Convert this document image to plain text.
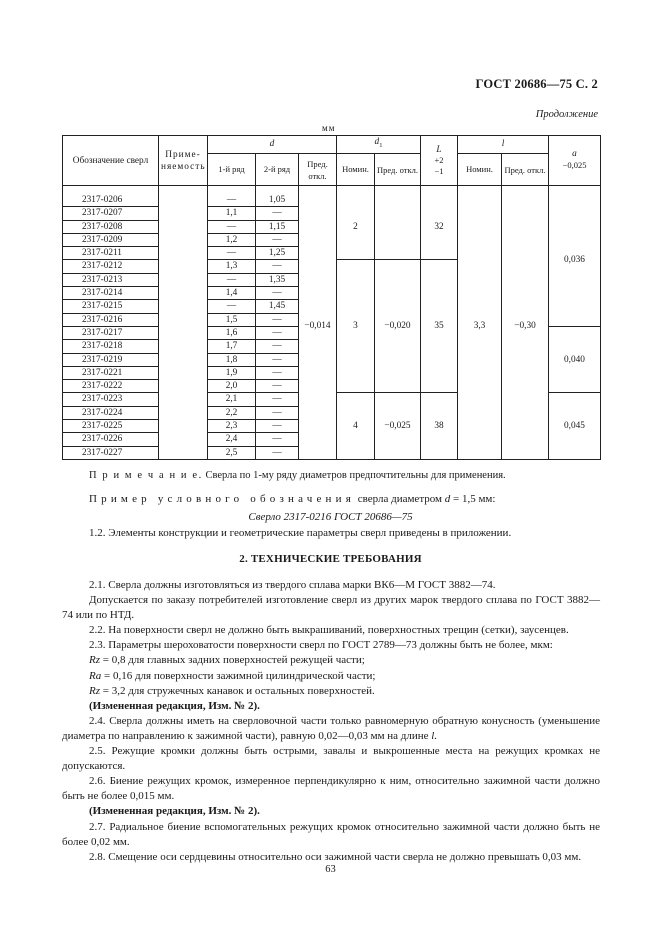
ГОСТ 20686—75 С. 2
Продолжение
мм
Обозначение сверл	Приме-няемость	d			$d_1$		L
+2
−1	l		а
−0,025
		1-й ряд	2-й ряд	Пред. откл.	Номин.	Пред. откл.		Номин.	Пред. откл.	
2317-0206		—	1,05	−0,014	2		32	3,3	−0,30	0,036
2317-0207		1,1	—							
2317-0208		—	1,15							
2317-0209		1,2	—							
2317-0211		—	1,25							
2317-0212		1,3	—		3	−0,020	35			
2317-0213		—	1,35							
2317-0214		1,4	—							
2317-0215		—	1,45							
2317-0216		1,5	—							
2317-0217		1,6	—							0,040
2317-0218		1,7	—							
2317-0219		1,8	—							
2317-0221		1,9	—							
2317-0222		2,0	—							
2317-0223		2,1	—		4	−0,025	38			0,045
2317-0224		2,2	—							
2317-0225		2,3	—							
2317-0226		2,4	—							
2317-0227		2,5	—							
П р и м е ч а н и е. Сверла по 1-му ряду диаметров предпочтительны для применения.
Пример условного обозначения сверла диаметром d = 1,5 мм:
Сверло 2317-0216 ГОСТ 20686—75
1.2. Элементы конструкции и геометрические параметры сверл приведены в приложении.
2. ТЕХНИЧЕСКИЕ ТРЕБОВАНИЯ

2.1. Сверла должны изготовляться из твердого сплава марки ВК6—М ГОСТ 3882—74.

Допускается по заказу потребителей изготовление сверл из других марок твердого сплава по ГОСТ 3882—74 или по НТД.

2.2. На поверхности сверл не должно быть выкрашиваний, поверхностных трещин (сетки), заусенцев.

2.3. Параметры шероховатости поверхности сверл по ГОСТ 2789—73 должны быть не более, мкм:

Rz = 0,8 для главных задних поверхностей режущей части;

Ra = 0,16 для поверхности зажимной цилиндрической части;

Rz = 3,2 для стружечных канавок и остальных поверхностей.

(Измененная редакция, Изм. № 2).

2.4. Сверла должны иметь на сверловочной части только равномерную обратную конусность (уменьшение диаметра по направлению к зажимной части), равную 0,02—0,03 мм на длине l.

2.5. Режущие кромки должны быть острыми, завалы и выкрошенные места на режущих кромках не допускаются.

2.6. Биение режущих кромок, измеренное перпендикулярно к ним, относительно зажимной части должно быть не более 0,015 мм.

(Измененная редакция, Изм. № 2).

2.7. Радиальное биение вспомогательных режущих кромок относительно зажимной части должно быть не более 0,02 мм.

2.8. Смещение оси сердцевины относительно оси зажимной части сверла не должно превышать 0,03 мм.

63
